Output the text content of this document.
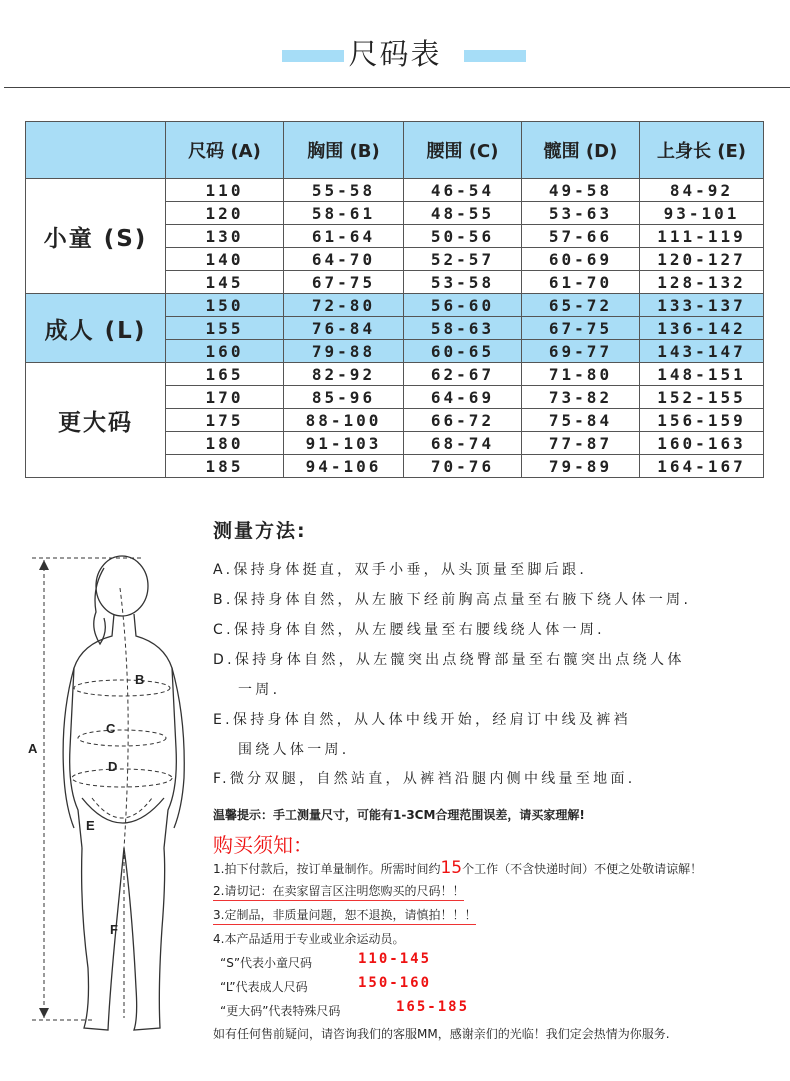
尺码表
	尺码 (A)	胸围 (B)	腰围 (C)	髋围 (D)	上身长 (E)
小童 (S)	110	55-58	46-54	49-58	84-92
	120	58-61	48-55	53-63	93-101
	130	61-64	50-56	57-66	111-119
	140	64-70	52-57	60-69	120-127
	145	67-75	53-58	61-70	128-132
成人 (L)	150	72-80	56-60	65-72	133-137
	155	76-84	58-63	67-75	136-142
	160	79-88	60-65	69-77	143-147
更大码	165	82-92	62-67	71-80	148-151
	170	85-96	64-69	73-82	152-155
	175	88-100	66-72	75-84	156-159
	180	91-103	68-74	77-87	160-163
	185	94-106	70-76	79-89	164-167
A
B
C
D
E
F
测量方法:
A.保持身体挺直，双手小垂，从头顶量至脚后跟.
B.保持身体自然，从左腋下经前胸高点量至右腋下绕人体一周.
C.保持身体自然，从左腰线量至右腰线绕人体一周.
D.保持身体自然，从左髋突出点绕臀部量至右髋突出点绕人体
一周.
E.保持身体自然，从人体中线开始，经肩订中线及裤裆
围绕人体一周.
F.微分双腿，自然站直，从裤裆沿腿内侧中线量至地面.
温馨提示：手工测量尺寸，可能有1-3CM合理范围误差，请买家理解!
购买须知：
1.拍下付款后，按订单量制作。所需时间约15个工作（不含快递时间）不便之处敬请谅解！
2.请切记：在卖家留言区注明您购买的尺码！！
3.定制品，非质量问题，恕不退换，请慎拍！！！
4.本产品适用于专业或业余运动员。
“S”代表小童尺码	110-145
“L”代表成人尺码	150-160
“更大码”代表特殊尺码	165-185
如有任何售前疑问，请咨询我们的客服MM，感谢亲们的光临！我们定会热情为你服务.
